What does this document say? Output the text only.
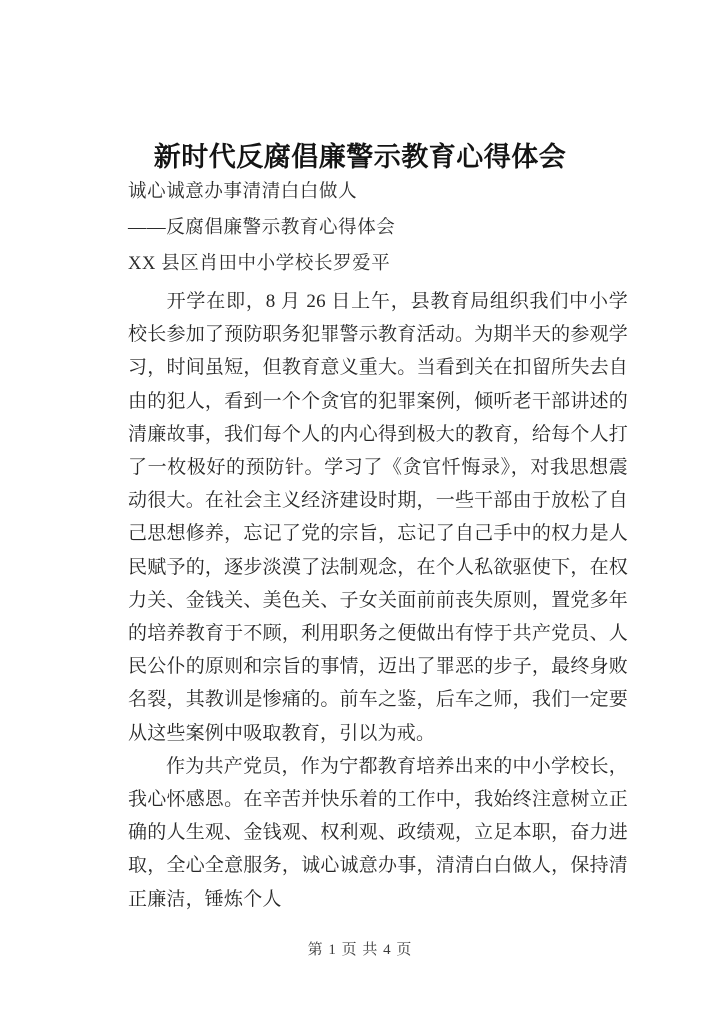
新时代反腐倡廉警示教育心得体会
诚心诚意办事清清白白做人
——反腐倡廉警示教育心得体会
XX 县区肖田中小学校长罗爱平

开学在即，8 月 26 日上午，县教育局组织我们中小学校长参加了预防职务犯罪警示教育活动。为期半天的参观学习，时间虽短，但教育意义重大。当看到关在扣留所失去自由的犯人，看到一个个贪官的犯罪案例，倾听老干部讲述的清廉故事，我们每个人的内心得到极大的教育，给每个人打了一枚极好的预防针。学习了《贪官忏悔录》，对我思想震动很大。在社会主义经济建设时期，一些干部由于放松了自己思想修养，忘记了党的宗旨，忘记了自己手中的权力是人民赋予的，逐步淡漠了法制观念，在个人私欲驱使下，在权力关、金钱关、美色关、子女关面前前丧失原则，置党多年的培养教育于不顾，利用职务之便做出有悖于共产党员、人民公仆的原则和宗旨的事情，迈出了罪恶的步子，最终身败名裂，其教训是惨痛的。前车之鉴，后车之师，我们一定要从这些案例中吸取教育，引以为戒。

作为共产党员，作为宁都教育培养出来的中小学校长，我心怀感恩。在辛苦并快乐着的工作中，我始终注意树立正确的人生观、金钱观、权利观、政绩观，立足本职，奋力进取，全心全意服务，诚心诚意办事，清清白白做人，保持清正廉洁，锤炼个人

第 1 页 共 4 页
